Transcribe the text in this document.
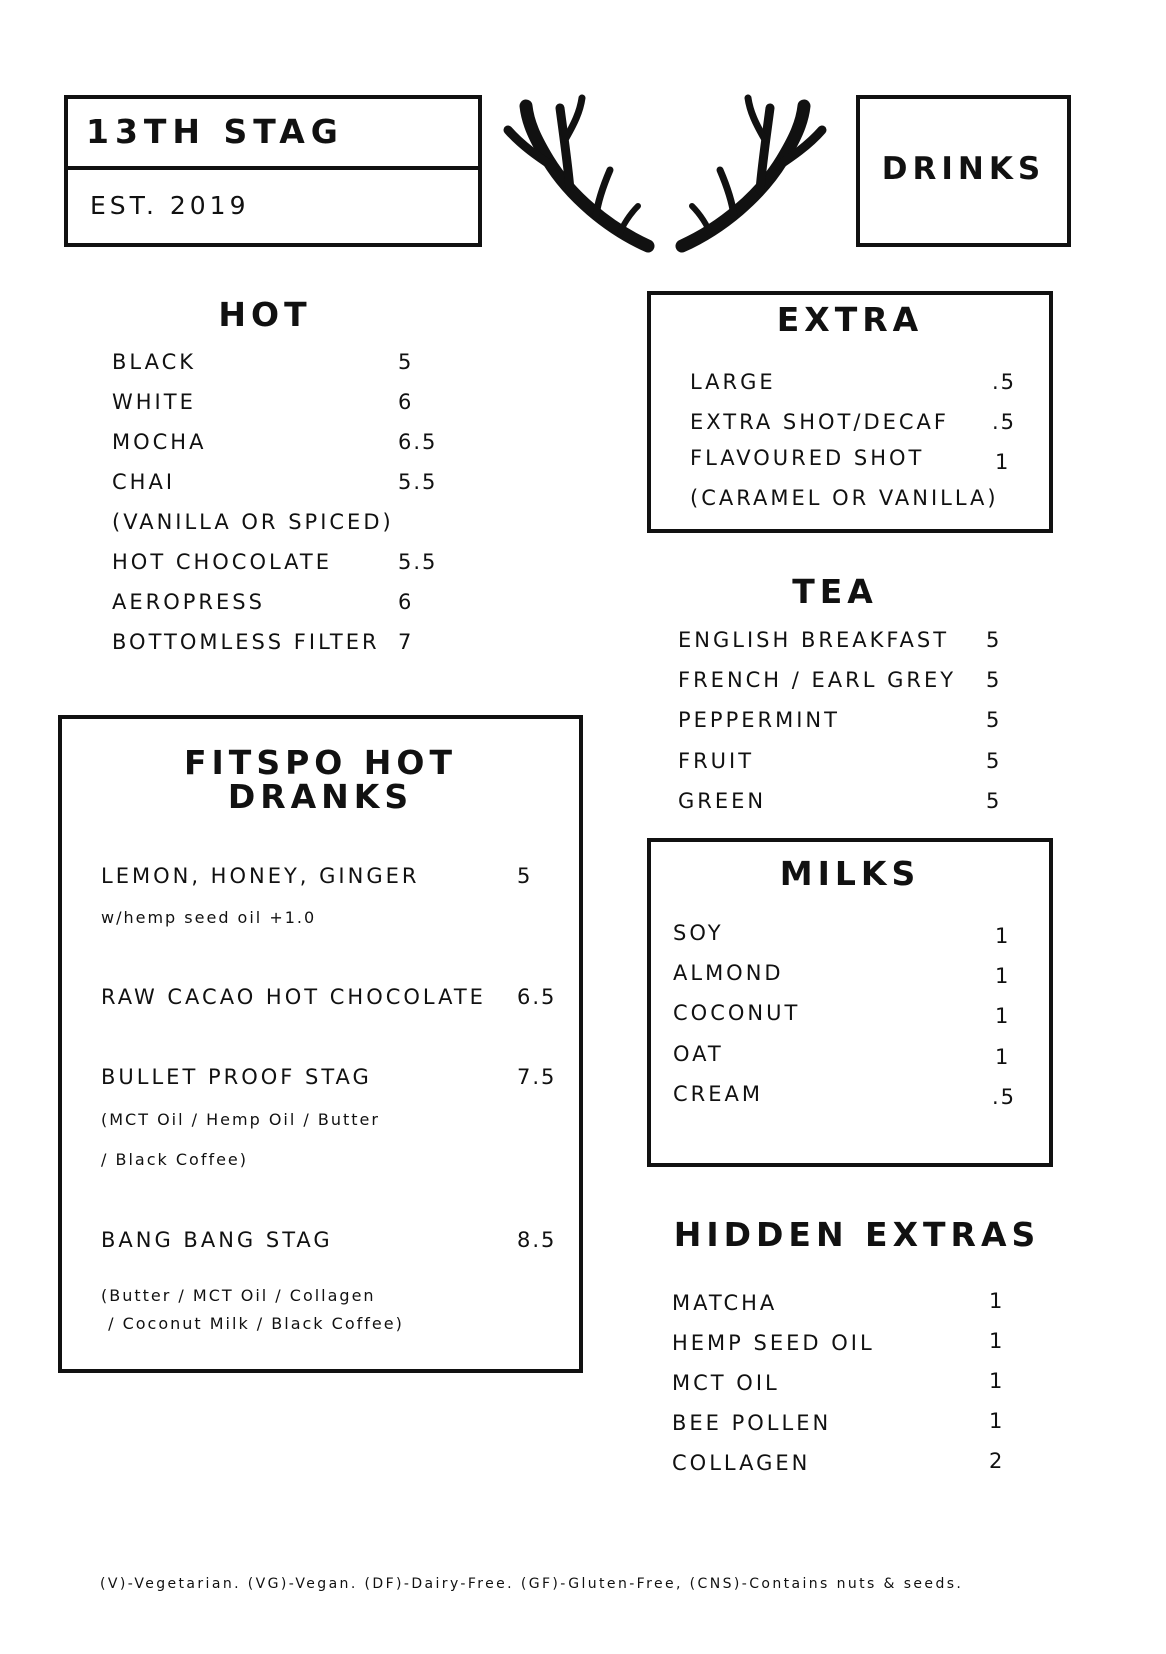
13TH STAG
EST. 2019
DRINKS
HOT
BLACK	5
WHITE	6
MOCHA	6.5
CHAI	5.5
(VANILLA OR SPICED)
HOT CHOCOLATE	5.5
AEROPRESS	6
BOTTOMLESS FILTER 7
FITSPO HOT
DRANKS
LEMON, HONEY, GINGER	5
w/hemp seed oil +1.0
RAW CACAO HOT CHOCOLATE 6.5
BULLET PROOF STAG	7.5
(MCT Oil / Hemp Oil / Butter
/ Black Coffee)
BANG BANG STAG	8.5
(Butter / MCT Oil / Collagen
/ Coconut Milk / Black Coffee)
EXTRA
LARGE	.5
EXTRA SHOT/DECAF .5
FLAVOURED SHOT	1
(CARAMEL OR VANILLA)
TEA
ENGLISH BREAKFAST 5
FRENCH / EARL GREY 5
PEPPERMINT	5
FRUIT	5
GREEN	5
MILKS
SOY	1
ALMOND	1
COCONUT	1
OAT	1
CREAM	.5
HIDDEN EXTRAS
MATCHA	1
HEMP SEED OIL	1
MCT OIL	1
BEE POLLEN	1
COLLAGEN	2
(V)-Vegetarian. (VG)-Vegan. (DF)-Dairy-Free. (GF)-Gluten-Free, (CNS)-Contains nuts & seeds.
